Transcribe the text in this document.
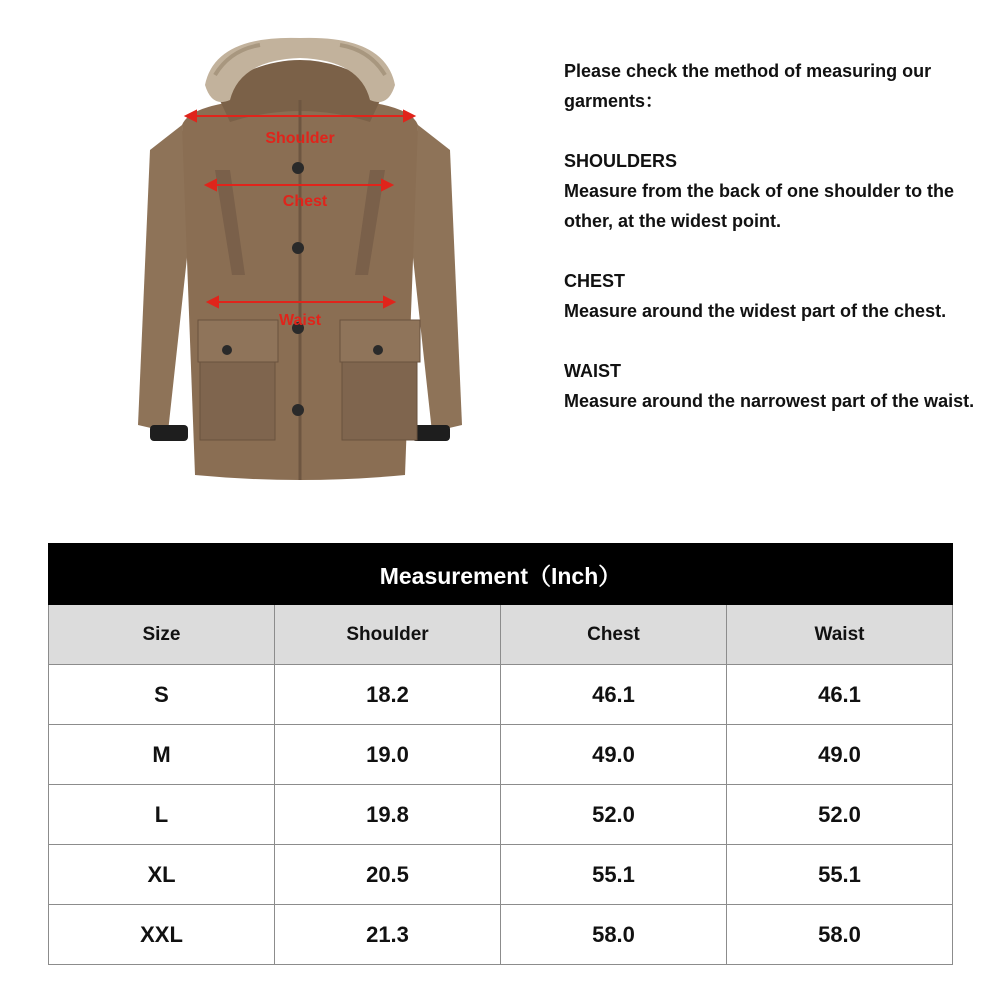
Shoulder
Chest
Waist

Please check the method of measuring our garments：

SHOULDERS

Measure from the back of one shoulder to the other, at the widest point.

CHEST

Measure around the widest part of the chest.

WAIST

Measure around the narrowest part of the waist.

Measurement（Inch）			
Size	Shoulder	Chest	Waist
S	18.2	46.1	46.1
M	19.0	49.0	49.0
L	19.8	52.0	52.0
XL	20.5	55.1	55.1
XXL	21.3	58.0	58.0
